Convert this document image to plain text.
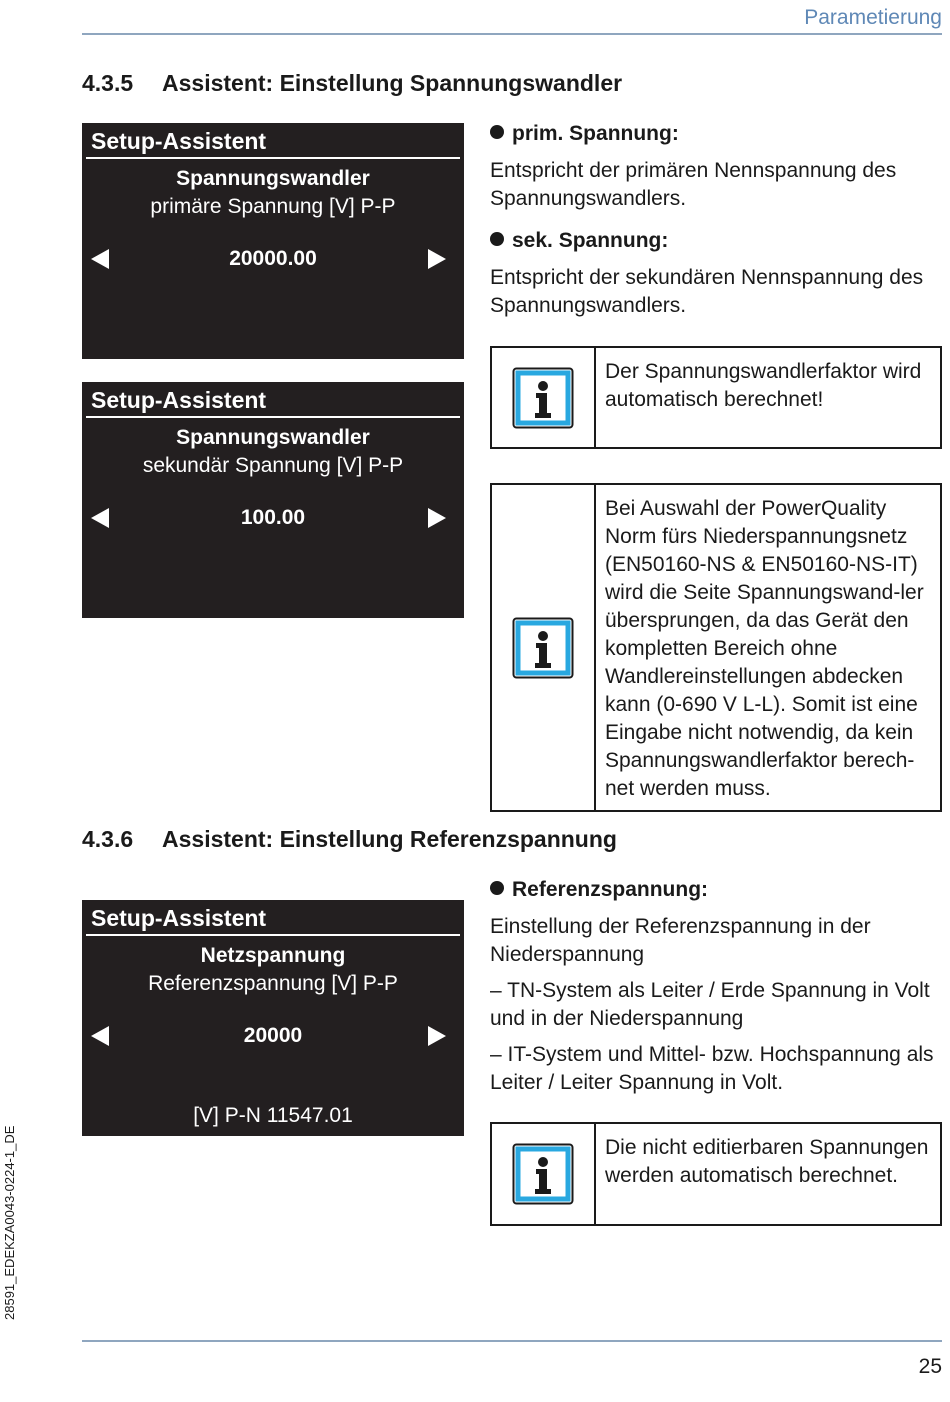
Parametierung
4.3.5 Assistent: Einstellung Spannungswandler
Setup-Assistent
Spannungswandler
primäre Spannung [V] P-P
20000.00
Setup-Assistent
Spannungswandler
sekundär Spannung [V] P-P
100.00
prim. Spannung:
Entspricht der primären Nennspannung des Spannungswandlers.
sek. Spannung:
Entspricht der sekundären Nennspannung des Spannungswandlers.
Der Spannungswandlerfaktor wird automatisch berechnet!
Bei Auswahl der PowerQuality Norm fürs Niederspannungsnetz (EN50160-NS & EN50160-NS-IT) wird die Seite Spannungswand-ler übersprungen, da das Gerät den kompletten Bereich ohne Wandlereinstellungen abdecken kann (0-690 V L-L). Somit ist eine Eingabe nicht notwendig, da kein Spannungswandlerfaktor berech-net werden muss.
4.3.6 Assistent: Einstellung Referenzspannung
Setup-Assistent
Netzspannung
Referenzspannung [V] P-P
20000
[V] P-N 11547.01
Referenzspannung:
Einstellung der Referenzspannung in der Niederspannung
– TN-System als Leiter / Erde Spannung in Volt und in der Niederspannung
– IT-System und Mittel- bzw. Hochspannung als Leiter / Leiter Spannung in Volt.
Die nicht editierbaren Spannungen werden automatisch berechnet.
28591_EDEKZA0043-0224-1_DE
25
